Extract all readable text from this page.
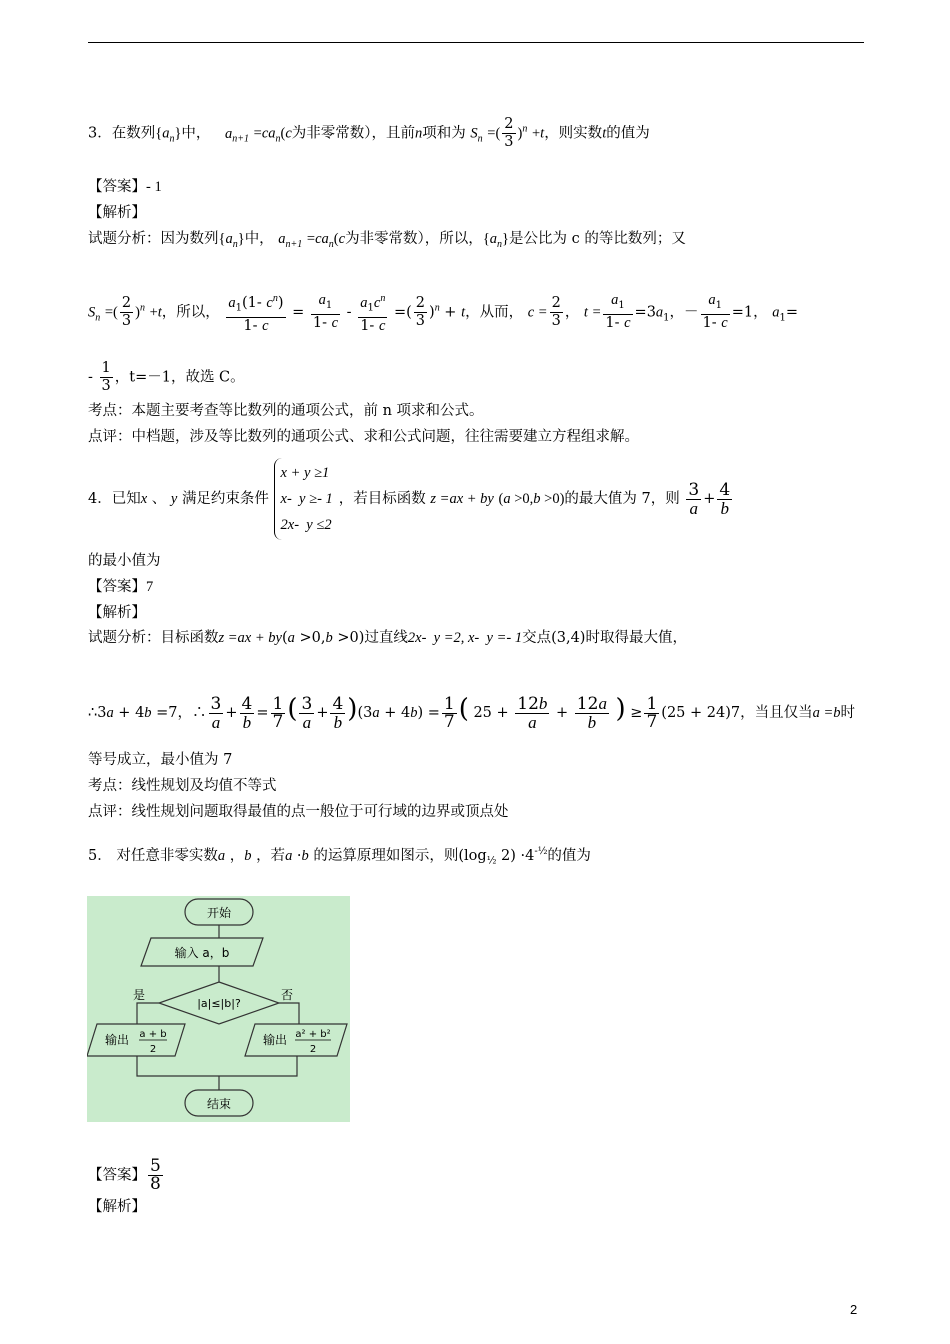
3．在数列$\{a_n\}$中， $a_{n+1} =ca_n(c$为非零常数），且前n项和为 $S_n$ =( $\frac{2}{3} )^n +t$，则实数t的值为
【答案】- 1
【解析】
试题分析：因为数列$\{a_n\}$中， $a_{n+1} =ca_n(c$为非零常数），所以，$\{a_n\}$是公比为 c 的等比数列；又
$S_n$ =( $\frac{2}{3} )^n +t$，所以， $\frac{a_1(1- c^n)}{1- c} = \frac{a_1}{1- c} - \frac{a_1c^n}{1- c}$ =( $\frac{2}{3} )^n + t$，从而， $c = \frac{2}{3}$ ， $t = \frac{a_1}{1- c} =3a_1$，－ $\frac{a_1}{1- c} =1$， $a_1=$
- $\frac{1}{3}$ ，t=－1，故选 C。
考点：本题主要考查等比数列的通项公式，前 n 项求和公式。
点评：中档题，涉及等比数列的通项公式、求和公式问题，往往需要建立方程组求解。
4．已知x 、 y 满足约束条件
x + y ≥1
x-  y ≥- 1
2x-  y ≤2
，若目标函数 z =ax + by (a >0,b >0)的最大值为 7，则 $\frac{3}{a} + \frac{4}{b}$
的最小值为
【答案】7
【解析】
试题分析：目标函数z =ax + by(a >0,b >0)过直线2x-  y =2, x-  y =- 1交点(3,4)时取得最大值，
∴3a + 4b =7，∴ $\frac{3}{a} + \frac{4}{b} = \frac{1}{7}$ ( $\frac{3}{a} + \frac{4}{b} )(3a + 4b) = \frac{1}{7}$ ( $25 + \frac{12b}{a} + \frac{12a}{b}$ ) ≥ $\frac{1}{7} (25 + 24)7$，当且仅当a =b时
等号成立，最小值为 7
考点：线性规划及均值不等式
点评：线性规划问题取得最值的点一般位于可行域的边界或顶点处
5． 对任意非零实数a ，b ，若a ·b 的运算原理如图示，则($\log_{\frac{1}{2}}$ $2) \cdot 4^{-\frac{1}{2}}$的值为
开始
输入 a，b
|a|≤|b|?
是	否
输出 a + b
2
输出 a² + b²
2
结束
【答案】 $\frac{5}{8}$
【解析】
2
